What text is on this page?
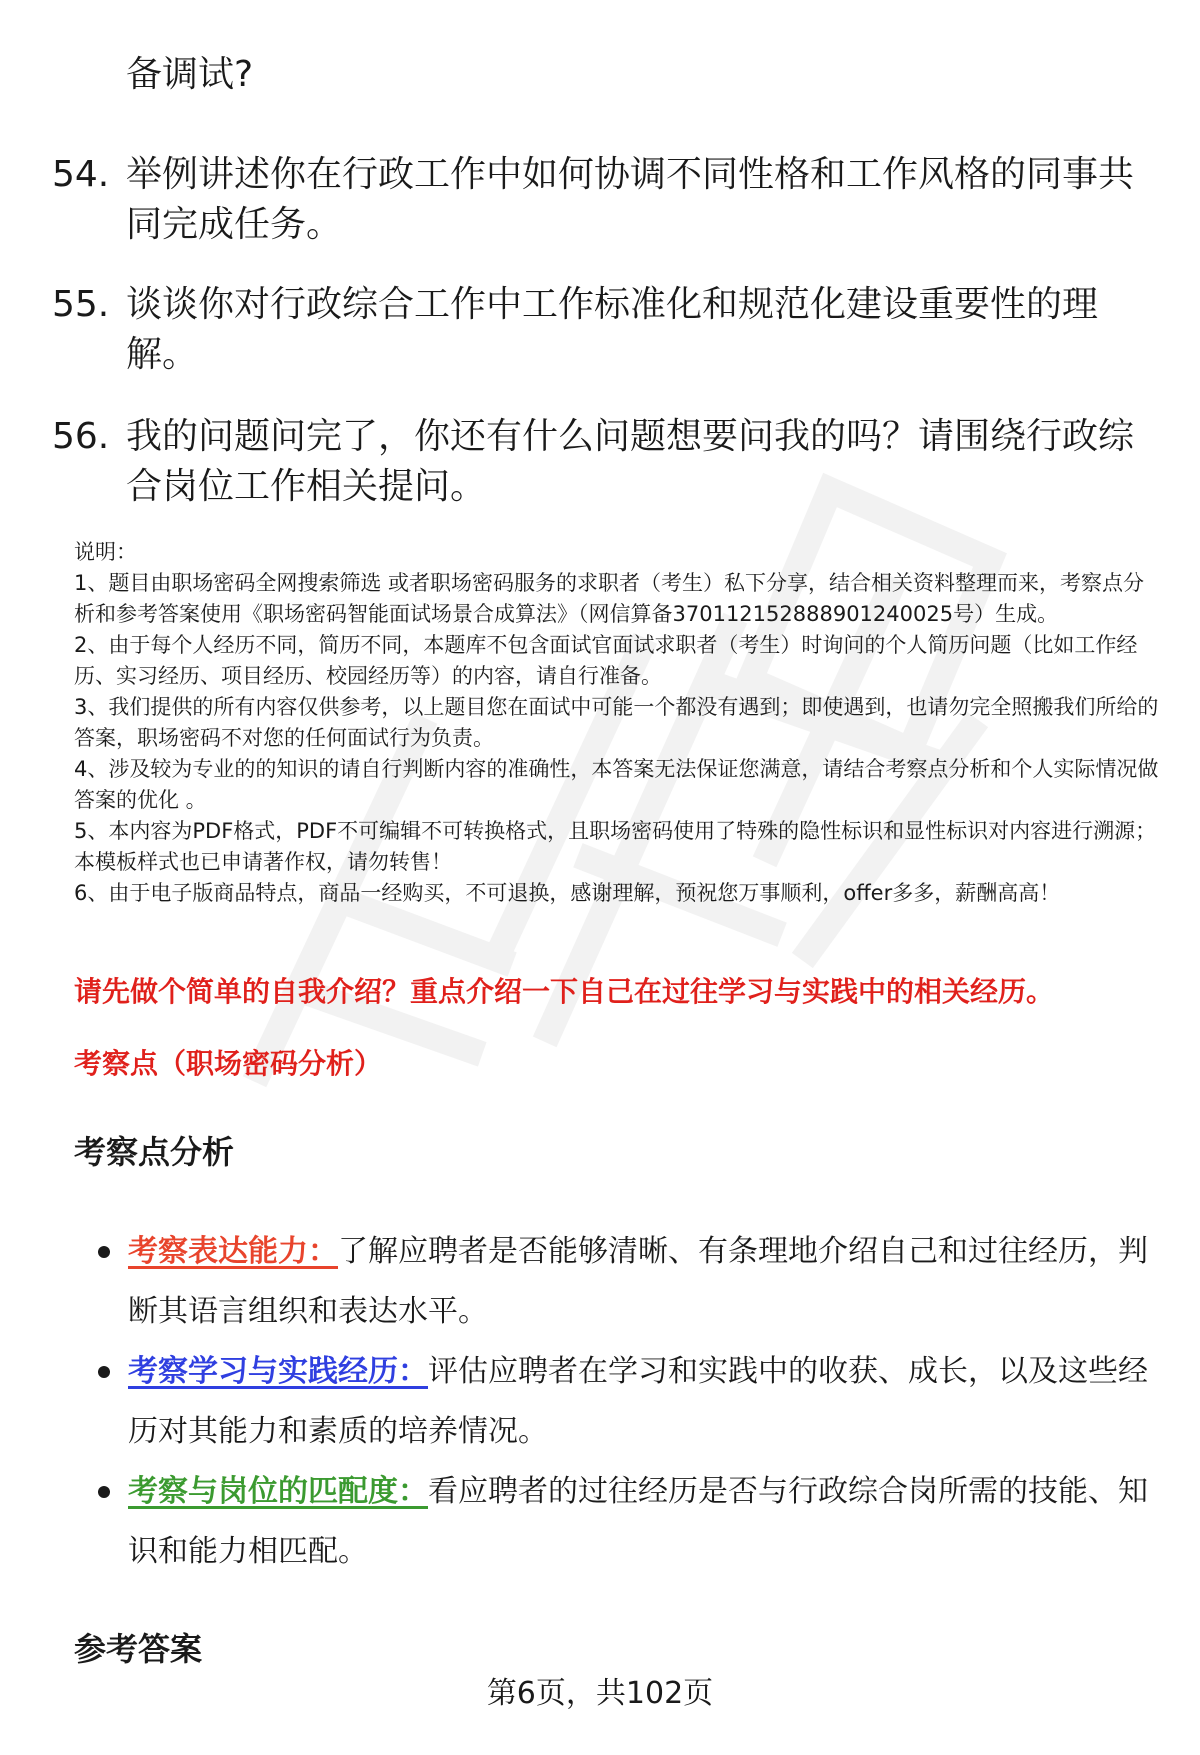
备调试?
54. 举例讲述你在行政工作中如何协调不同性格和工作风格的同事共同完成任务。
55. 谈谈你对行政综合工作中工作标准化和规范化建设重要性的理解。
56. 我的问题问完了，你还有什么问题想要问我的吗？请围绕行政综合岗位工作相关提问。

说明：

1、题目由职场密码全网搜索筛选 或者职场密码服务的求职者（考生）私下分享，结合相关资料整理而来，考察点分析和参考答案使用《职场密码智能面试场景合成算法》（网信算备370112152888901240025号）生成。

2、由于每个人经历不同，简历不同，本题库不包含面试官面试求职者（考生）时询问的个人简历问题（比如工作经历、实习经历、项目经历、校园经历等）的内容，请自行准备。

3、我们提供的所有内容仅供参考，以上题目您在面试中可能一个都没有遇到；即使遇到，也请勿完全照搬我们所给的答案，职场密码不对您的任何面试行为负责。

4、涉及较为专业的的知识的请自行判断内容的准确性，本答案无法保证您满意，请结合考察点分析和个人实际情况做答案的优化 。

5、本内容为PDF格式，PDF不可编辑不可转换格式，且职场密码使用了特殊的隐性标识和显性标识对内容进行溯源；本模板样式也已申请著作权，请勿转售！

6、由于电子版商品特点，商品一经购买，不可退换，感谢理解，预祝您万事顺利，offer多多，薪酬高高！

请先做个简单的自我介绍？重点介绍一下自己在过往学习与实践中的相关经历。
考察点（职场密码分析）
考察点分析
考察表达能力：了解应聘者是否能够清晰、有条理地介绍自己和过往经历，判断其语言组织和表达水平。
考察学习与实践经历：评估应聘者在学习和实践中的收获、成长，以及这些经历对其能力和素质的培养情况。
考察与岗位的匹配度：看应聘者的过往经历是否与行政综合岗所需的技能、知识和能力相匹配。
参考答案
第6页，共102页
